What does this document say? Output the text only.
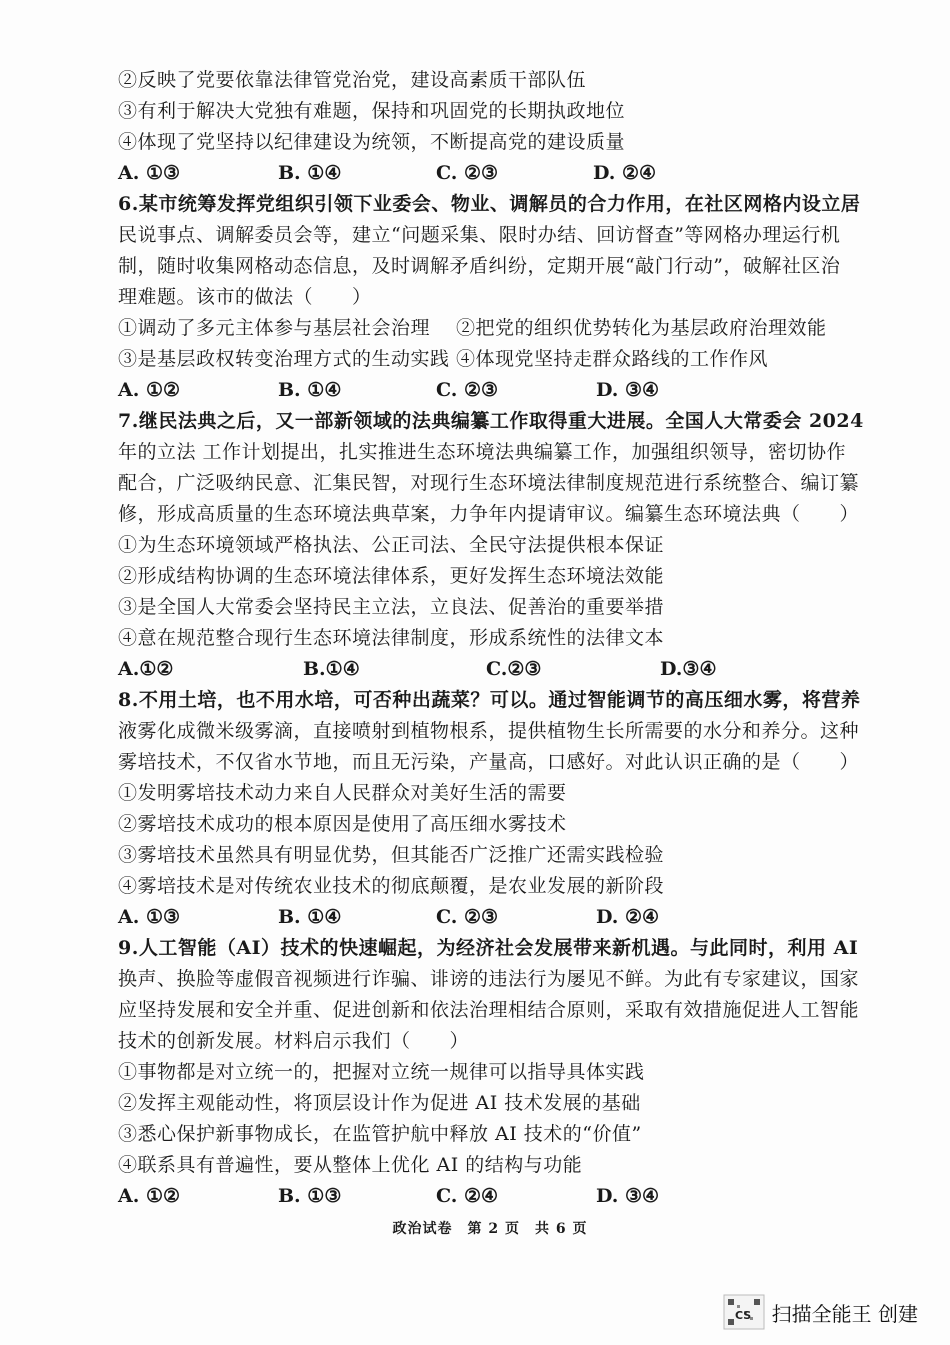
②反映了党要依靠法律管党治党，建设高素质干部队伍
③有利于解决大党独有难题，保持和巩固党的长期执政地位
④体现了党坚持以纪律建设为统领，不断提高党的建设质量
A. ①③	B. ①④	C. ②③	D. ②④
6.某市统筹发挥党组织引领下业委会、物业、调解员的合力作用，在社区网格内设立居
民说事点、调解委员会等，建立“问题采集、限时办结、回访督查”等网格办理运行机
制，随时收集网格动态信息，及时调解矛盾纠纷，定期开展“敲门行动”，破解社区治
理难题。该市的做法（　　）
①调动了多元主体参与基层社会治理 ②把党的组织优势转化为基层政府治理效能
③是基层政权转变治理方式的生动实践 ④体现党坚持走群众路线的工作作风
A. ①②	B. ①④	C. ②③	D. ③④
7.继民法典之后，又一部新领域的法典编纂工作取得重大进展。全国人大常委会 2024
年的立法 工作计划提出，扎实推进生态环境法典编纂工作，加强组织领导，密切协作
配合，广泛吸纳民意、汇集民智，对现行生态环境法律制度规范进行系统整合、编订纂
修，形成高质量的生态环境法典草案，力争年内提请审议。编纂生态环境法典（　　）
①为生态环境领域严格执法、公正司法、全民守法提供根本保证
②形成结构协调的生态环境法律体系，更好发挥生态环境法效能
③是全国人大常委会坚持民主立法，立良法、促善治的重要举措
④意在规范整合现行生态环境法律制度，形成系统性的法律文本
A.①②	B.①④	C.②③	D.③④
8.不用土培，也不用水培，可否种出蔬菜？可以。通过智能调节的高压细水雾，将营养
液雾化成微米级雾滴，直接喷射到植物根系，提供植物生长所需要的水分和养分。这种
雾培技术，不仅省水节地，而且无污染，产量高，口感好。对此认识正确的是（　　）
①发明雾培技术动力来自人民群众对美好生活的需要
②雾培技术成功的根本原因是使用了高压细水雾技术
③雾培技术虽然具有明显优势，但其能否广泛推广还需实践检验
④雾培技术是对传统农业技术的彻底颠覆，是农业发展的新阶段
A. ①③	B. ①④	C. ②③	D. ②④
9.人工智能（AI）技术的快速崛起，为经济社会发展带来新机遇。与此同时，利用 AI
换声、换脸等虚假音视频进行诈骗、诽谤的违法行为屡见不鲜。为此有专家建议，国家
应坚持发展和安全并重、促进创新和依法治理相结合原则，采取有效措施促进人工智能
技术的创新发展。材料启示我们（　　）
①事物都是对立统一的，把握对立统一规律可以指导具体实践
②发挥主观能动性，将顶层设计作为促进 AI 技术发展的基础
③悉心保护新事物成长，在监管护航中释放 AI 技术的“价值”
④联系具有普遍性，要从整体上优化 AI 的结构与功能
A. ①②	B. ①③	C. ②④	D. ③④
政治试卷　第 2 页　共 6 页
CS 扫描全能王 创建
